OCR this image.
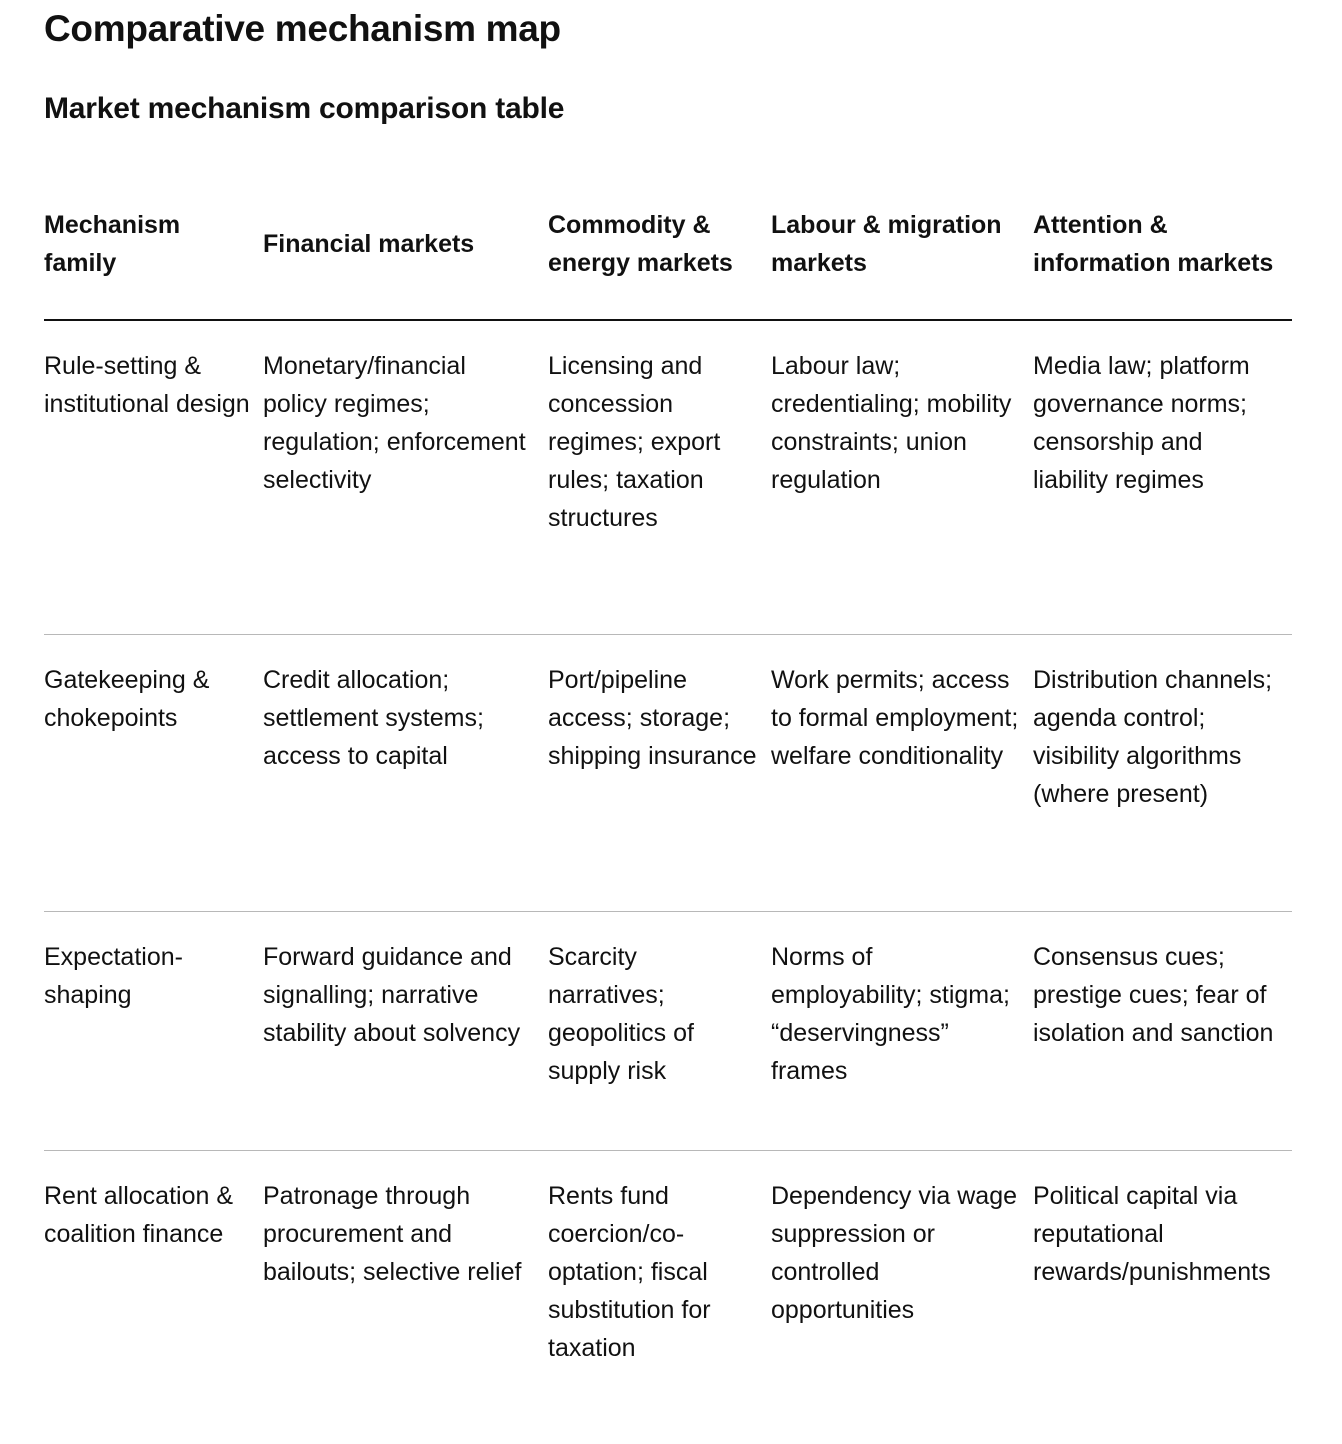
Comparative mechanism map
Market mechanism comparison table
Mechanism family	Financial markets	Commodity & energy markets	Labour & migration markets	Attention & information markets

Rule-setting & institutional design	Monetary/financial policy regimes; regulation; enforcement selectivity	Licensing and concession regimes; export rules; taxation structures	Labour law; credentialing; mobility constraints; union regulation	Media law; platform governance norms; censorship and liability regimes

Gatekeeping & chokepoints	Credit allocation; settlement systems; access to capital	Port/pipeline access; storage; shipping insurance	Work permits; access to formal employment; welfare conditionality	Distribution channels; agenda control; visibility algorithms (where present)

Expectation-shaping	Forward guidance and signalling; narrative stability about solvency	Scarcity narratives; geopolitics of supply risk	Norms of employability; stigma; “deservingness” frames	Consensus cues; prestige cues; fear of isolation and sanction

Rent allocation & coalition finance	Patronage through procurement and bailouts; selective relief	Rents fund coercion/co-optation; fiscal substitution for taxation	Dependency via wage suppression or controlled opportunities	Political capital via reputational rewards/punishments
